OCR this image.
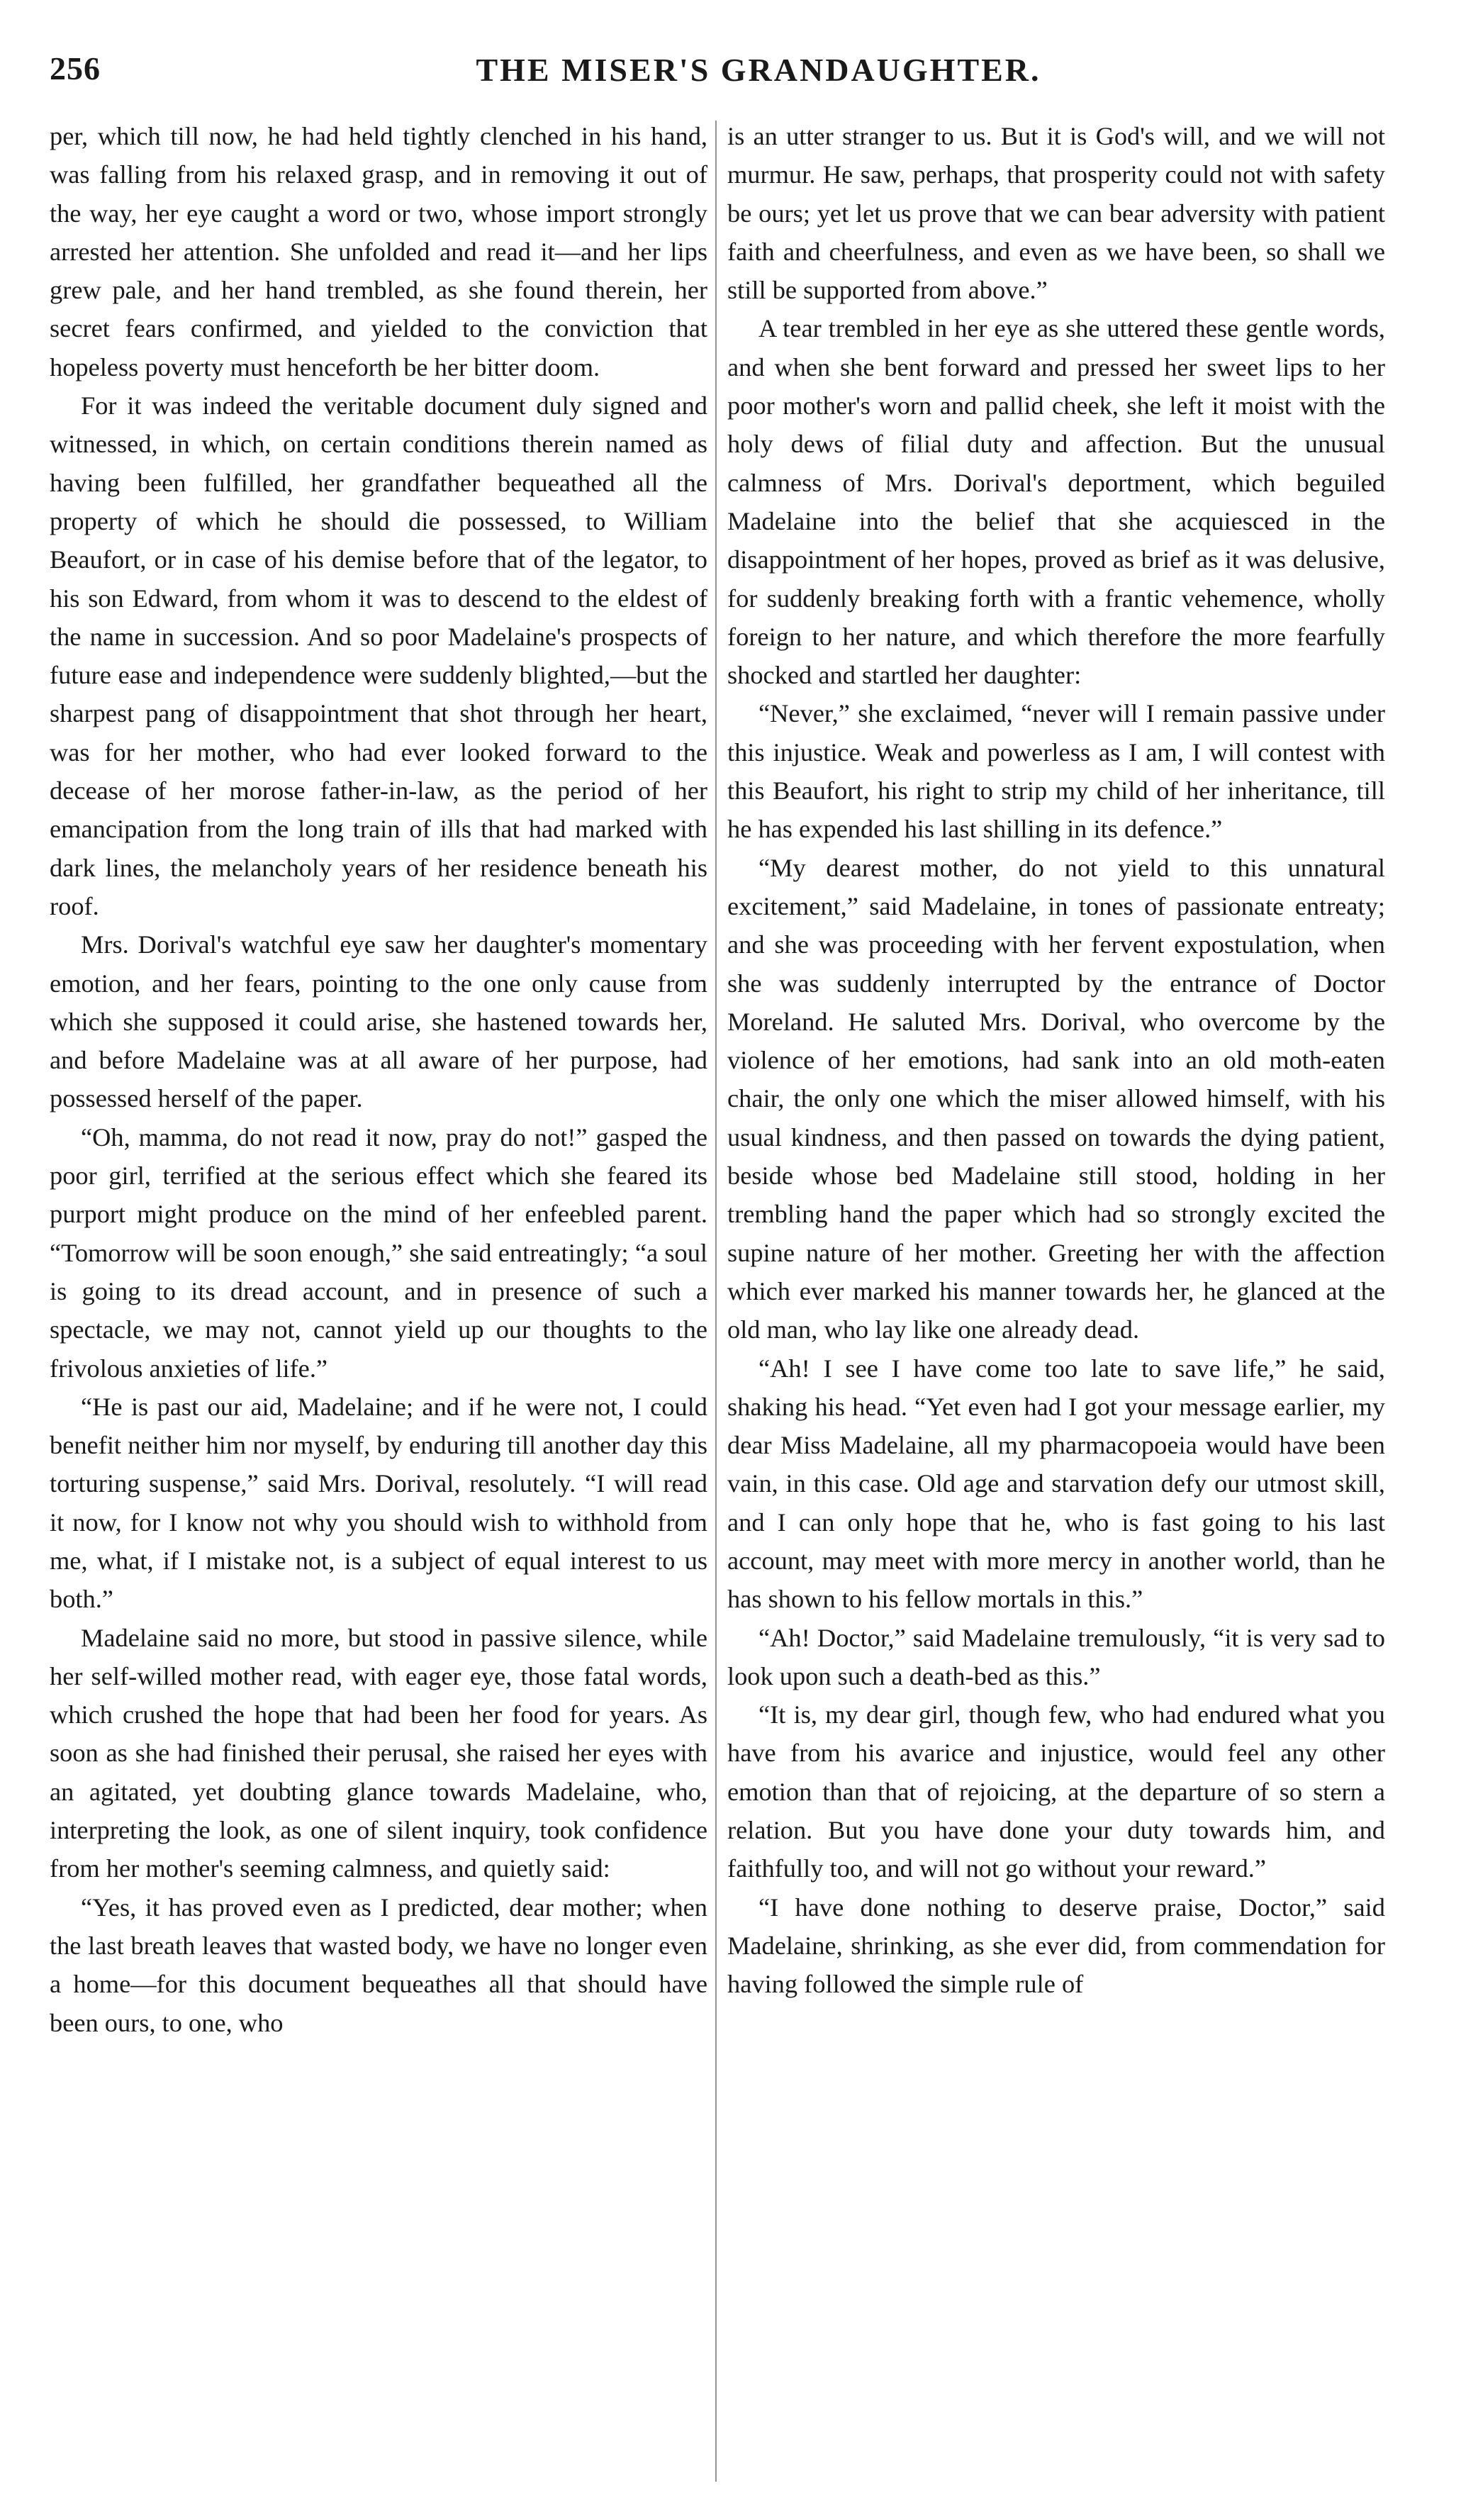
256	THE MISER'S GRANDAUGHTER.

per, which till now, he had held tightly clenched in his hand, was falling from his relaxed grasp, and in removing it out of the way, her eye caught a word or two, whose import strongly arrested her attention. She unfolded and read it—and her lips grew pale, and her hand trembled, as she found therein, her secret fears confirmed, and yielded to the conviction that hopeless poverty must henceforth be her bitter doom.

For it was indeed the veritable document duly signed and witnessed, in which, on certain conditions therein named as having been fulfilled, her grandfather bequeathed all the property of which he should die possessed, to William Beaufort, or in case of his demise before that of the legator, to his son Edward, from whom it was to descend to the eldest of the name in succession. And so poor Madelaine's prospects of future ease and independence were suddenly blighted,—but the sharpest pang of disappointment that shot through her heart, was for her mother, who had ever looked forward to the decease of her morose father-in-law, as the period of her emancipation from the long train of ills that had marked with dark lines, the melancholy years of her residence beneath his roof.

Mrs. Dorival's watchful eye saw her daughter's momentary emotion, and her fears, pointing to the one only cause from which she supposed it could arise, she hastened towards her, and before Madelaine was at all aware of her purpose, had possessed herself of the paper.

“Oh, mamma, do not read it now, pray do not!” gasped the poor girl, terrified at the serious effect which she feared its purport might produce on the mind of her enfeebled parent. “Tomorrow will be soon enough,” she said entreatingly; “a soul is going to its dread account, and in presence of such a spectacle, we may not, cannot yield up our thoughts to the frivolous anxieties of life.”

“He is past our aid, Madelaine; and if he were not, I could benefit neither him nor myself, by enduring till another day this torturing suspense,” said Mrs. Dorival, resolutely. “I will read it now, for I know not why you should wish to withhold from me, what, if I mistake not, is a subject of equal interest to us both.”

Madelaine said no more, but stood in passive silence, while her self-willed mother read, with eager eye, those fatal words, which crushed the hope that had been her food for years. As soon as she had finished their perusal, she raised her eyes with an agitated, yet doubting glance towards Madelaine, who, interpreting the look, as one of silent inquiry, took confidence from her mother's seeming calmness, and quietly said:

“Yes, it has proved even as I predicted, dear mother; when the last breath leaves that wasted body, we have no longer even a home—for this document bequeathes all that should have been ours, to one, who

is an utter stranger to us. But it is God's will, and we will not murmur. He saw, perhaps, that prosperity could not with safety be ours; yet let us prove that we can bear adversity with patient faith and cheerfulness, and even as we have been, so shall we still be supported from above.”

A tear trembled in her eye as she uttered these gentle words, and when she bent forward and pressed her sweet lips to her poor mother's worn and pallid cheek, she left it moist with the holy dews of filial duty and affection. But the unusual calmness of Mrs. Dorival's deportment, which beguiled Madelaine into the belief that she acquiesced in the disappointment of her hopes, proved as brief as it was delusive, for suddenly breaking forth with a frantic vehemence, wholly foreign to her nature, and which therefore the more fearfully shocked and startled her daughter:

“Never,” she exclaimed, “never will I remain passive under this injustice. Weak and powerless as I am, I will contest with this Beaufort, his right to strip my child of her inheritance, till he has expended his last shilling in its defence.”

“My dearest mother, do not yield to this unnatural excitement,” said Madelaine, in tones of passionate entreaty; and she was proceeding with her fervent expostulation, when she was suddenly interrupted by the entrance of Doctor Moreland. He saluted Mrs. Dorival, who overcome by the violence of her emotions, had sank into an old moth-eaten chair, the only one which the miser allowed himself, with his usual kindness, and then passed on towards the dying patient, beside whose bed Madelaine still stood, holding in her trembling hand the paper which had so strongly excited the supine nature of her mother. Greeting her with the affection which ever marked his manner towards her, he glanced at the old man, who lay like one already dead.

“Ah! I see I have come too late to save life,” he said, shaking his head. “Yet even had I got your message earlier, my dear Miss Madelaine, all my pharmacopoeia would have been vain, in this case. Old age and starvation defy our utmost skill, and I can only hope that he, who is fast going to his last account, may meet with more mercy in another world, than he has shown to his fellow mortals in this.”

“Ah! Doctor,” said Madelaine tremulously, “it is very sad to look upon such a death-bed as this.”

“It is, my dear girl, though few, who had endured what you have from his avarice and injustice, would feel any other emotion than that of rejoicing, at the departure of so stern a relation. But you have done your duty towards him, and faithfully too, and will not go without your reward.”

“I have done nothing to deserve praise, Doctor,” said Madelaine, shrinking, as she ever did, from commendation for having followed the simple rule of
